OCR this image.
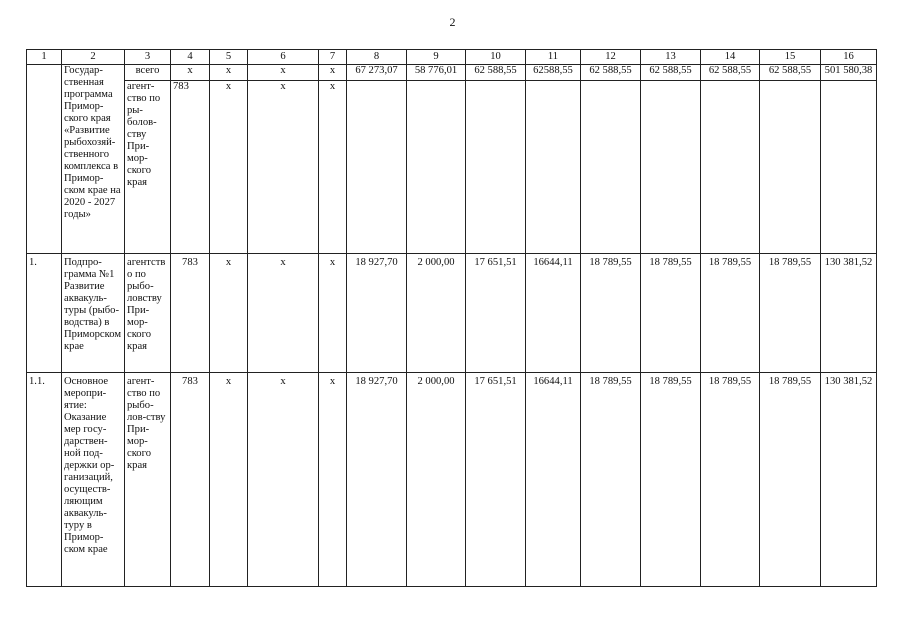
2
1	2	3	4	5	6	7	8	9	10	11	12	13	14	15	16
	Государ-ственная программа Примор-ского края «Развитие рыбохозяй-ственного комплекса в Примор-ском крае на 2020 - 2027 годы»	всего	x	x	x	x	67 273,07	58 776,01	62 588,55	62588,55	62 588,55	62 588,55	62 588,55	62 588,55	501 580,38
		агент-ство по ры-болов-ству При-мор-ского края	783	x	x	x									
1.	Подпро-грамма №1 Развитие аквакуль-туры (рыбо-водства) в Приморском крае	агентство по рыбо-ловству При-мор-ского края	783	x	x	x	18 927,70	2 000,00	17 651,51	16644,11	18 789,55	18 789,55	18 789,55	18 789,55	130 381,52
1.1.	Основное меропри-ятие: Оказание мер госу-дарствен-ной под-держки ор-ганизаций, осуществ-ляющим аквакуль-туру в Примор-ском крае	агент-ство по рыбо-лов-ству При-мор-ского края	783	x	x	x	18 927,70	2 000,00	17 651,51	16644,11	18 789,55	18 789,55	18 789,55	18 789,55	130 381,52
